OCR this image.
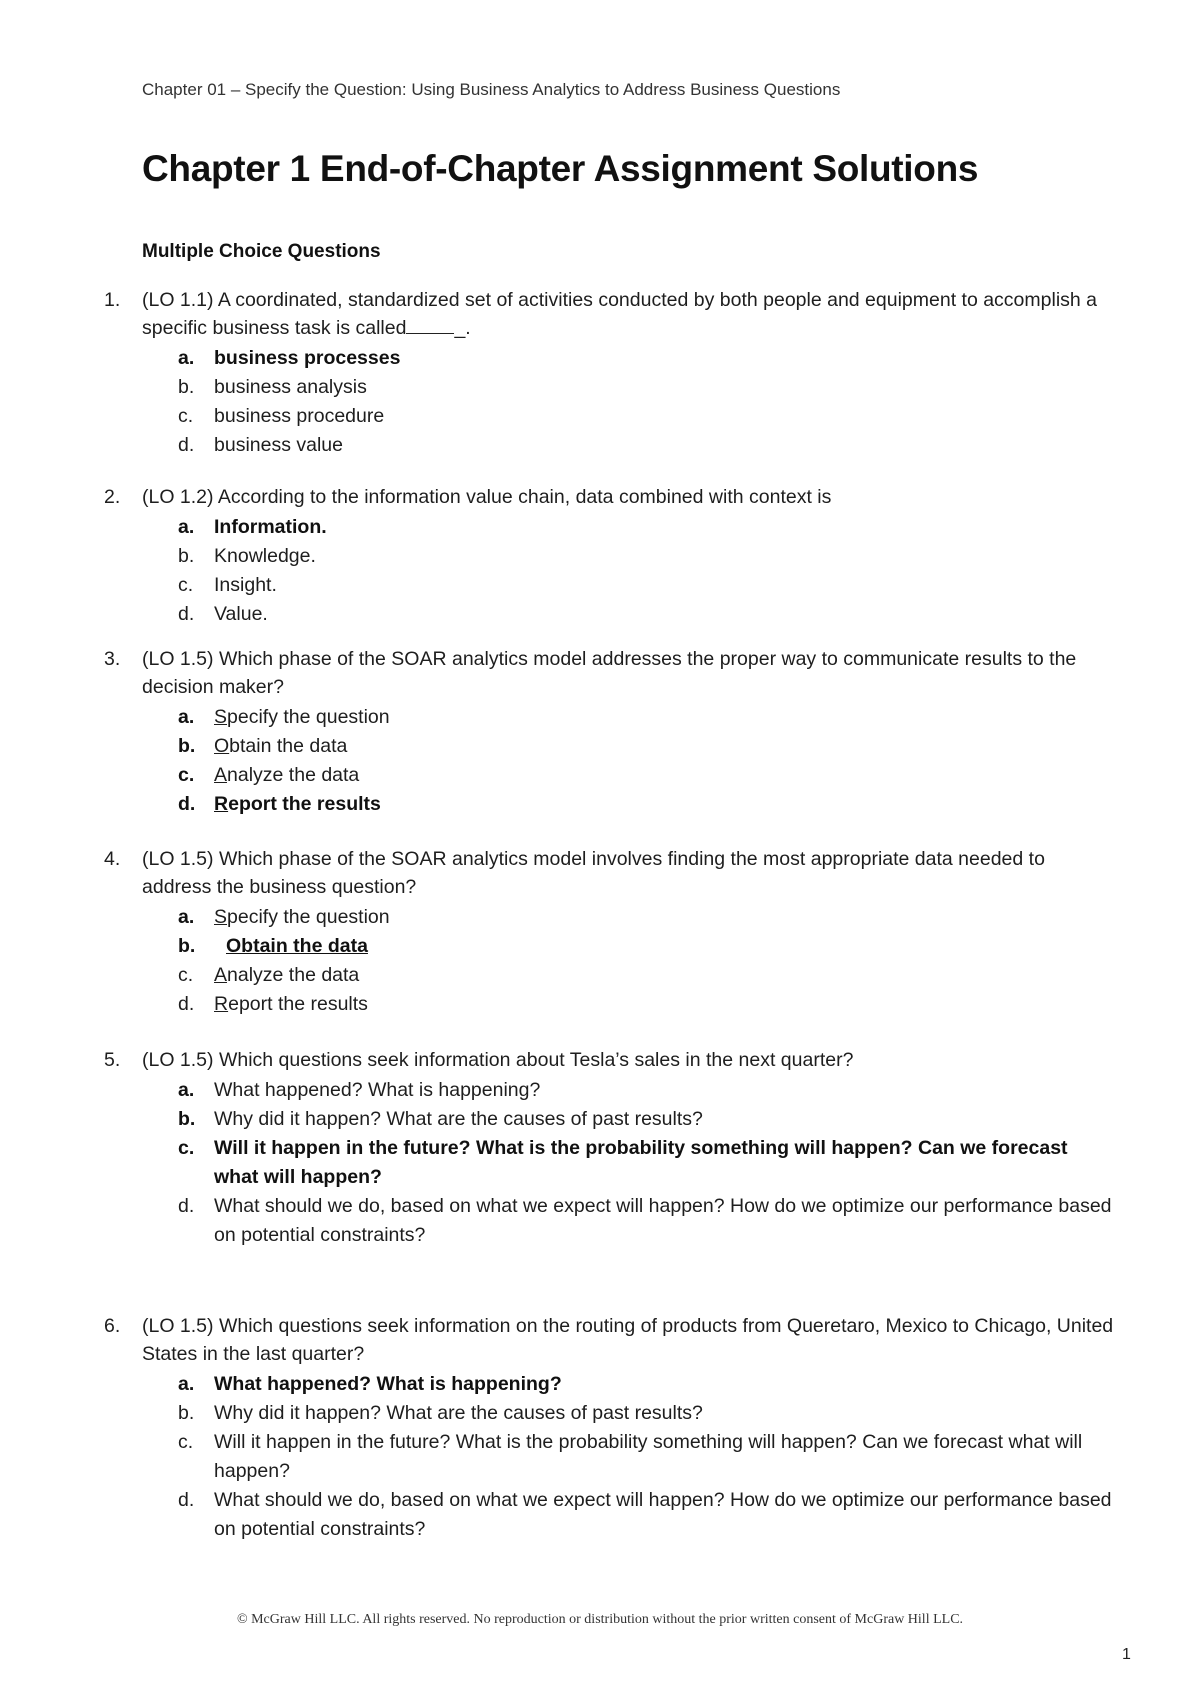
Chapter 01 – Specify the Question: Using Business Analytics to Address Business Questions
Chapter 1 End-of-Chapter Assignment Solutions
Multiple Choice Questions
1.	(LO 1.1) A coordinated, standardized set of activities conducted by both people and equipment to accomplish a specific business task is called _.
a. business processes
b. business analysis
c. business procedure
d. business value
2.	(LO 1.2) According to the information value chain, data combined with context is
a. Information.
b. Knowledge.
c. Insight.
d. Value.
3.	(LO 1.5) Which phase of the SOAR analytics model addresses the proper way to communicate results to the decision maker?
a. Specify the question
b. Obtain the data
c. Analyze the data
d. Report the results
4.	(LO 1.5) Which phase of the SOAR analytics model involves finding the most appropriate data needed to address the business question?
a. Specify the question
b. Obtain the data
c. Analyze the data
d. Report the results
5.	(LO 1.5) Which questions seek information about Tesla’s sales in the next quarter?
a. What happened? What is happening?
b. Why did it happen? What are the causes of past results?
c. Will it happen in the future? What is the probability something will happen? Can we forecast what will happen?
d. What should we do, based on what we expect will happen? How do we optimize our performance based on potential constraints?
6.	(LO 1.5) Which questions seek information on the routing of products from Queretaro, Mexico to Chicago, United States in the last quarter?
a. What happened? What is happening?
b. Why did it happen? What are the causes of past results?
c. Will it happen in the future? What is the probability something will happen? Can we forecast what will happen?
d. What should we do, based on what we expect will happen? How do we optimize our performance based on potential constraints?
© McGraw Hill LLC. All rights reserved. No reproduction or distribution without the prior written consent of McGraw Hill LLC.
1
